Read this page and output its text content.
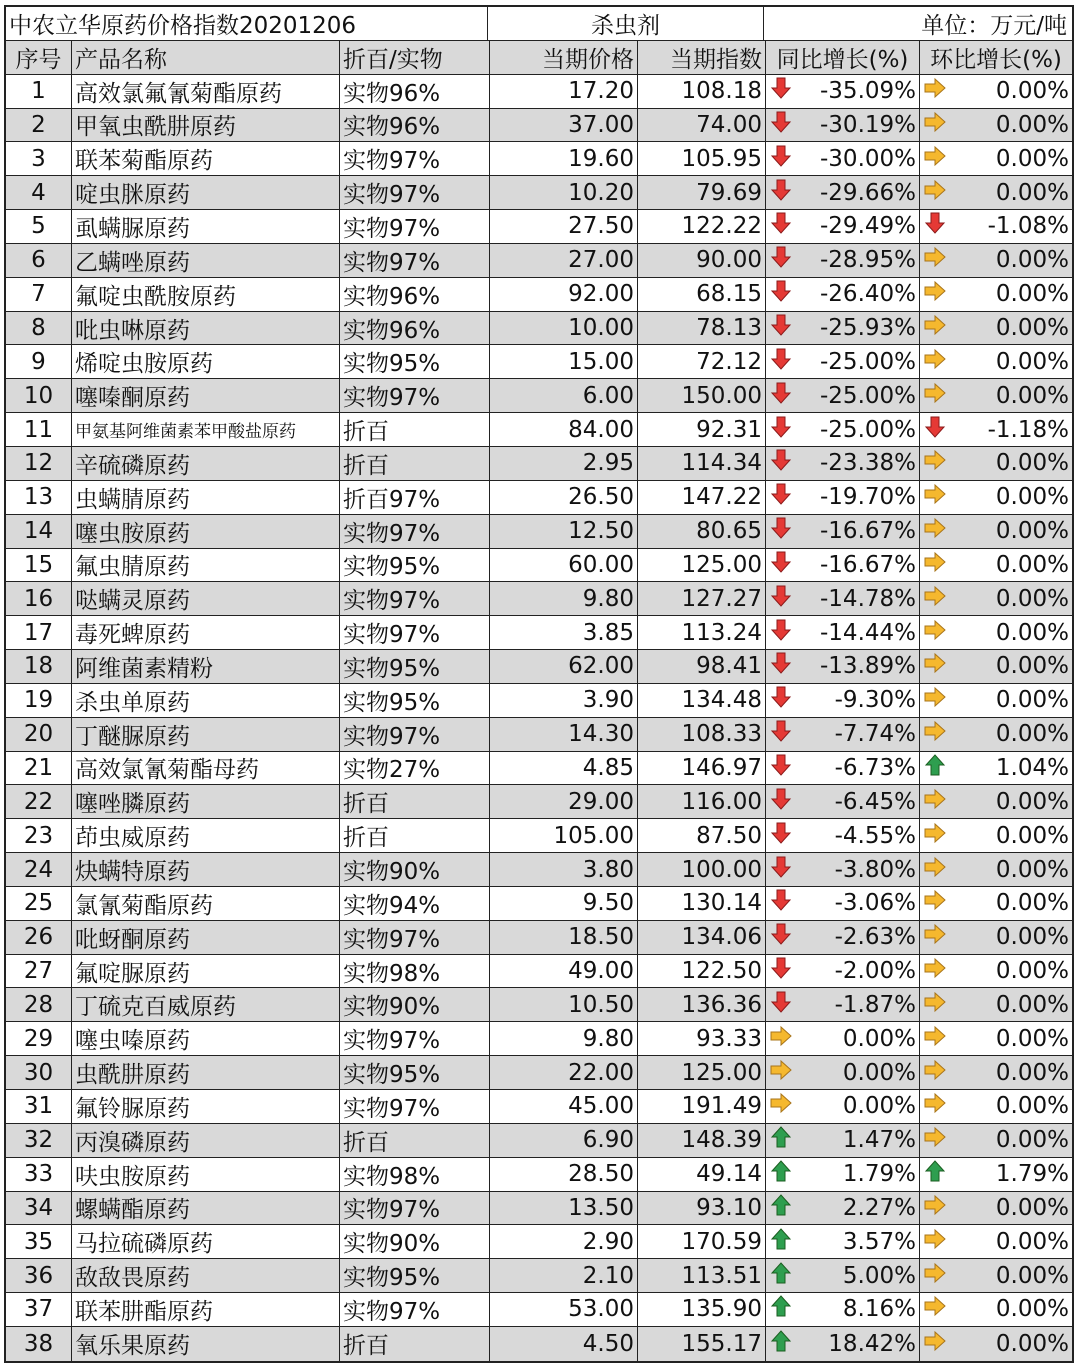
中农立华原药价格指数20201206	杀虫剂	单位：万元/吨
序号 产品名称	折百/实物	当期价格	当期指数 同比增长(%) 环比增长(%)
1	高效氯氟氰菊酯原药	实物96%	17.20	108.18	-35.09%	0.00%
2	甲氧虫酰肼原药	实物96%	37.00	74.00	-30.19%	0.00%
3	联苯菊酯原药	实物97%	19.60	105.95	-30.00%	0.00%
4	啶虫脒原药	实物97%	10.20	79.69	-29.66%	0.00%
5	虱螨脲原药	实物97%	27.50	122.22	-29.49%	-1.08%
6	乙螨唑原药	实物97%	27.00	90.00	-28.95%	0.00%
7	氟啶虫酰胺原药	实物96%	92.00	68.15	-26.40%	0.00%
8	吡虫啉原药	实物96%	10.00	78.13	-25.93%	0.00%
9	烯啶虫胺原药	实物95%	15.00	72.12	-25.00%	0.00%
10 噻嗪酮原药	实物97%	6.00	150.00	-25.00%	0.00%
11	甲氨基阿维菌素苯甲酸盐原药	折百	84.00	92.31	-25.00%	-1.18%
12 辛硫磷原药	折百	2.95	114.34	-23.38%	0.00%
13 虫螨腈原药	折百97%	26.50	147.22	-19.70%	0.00%
14 噻虫胺原药	实物97%	12.50	80.65	-16.67%	0.00%
15 氟虫腈原药	实物95%	60.00	125.00	-16.67%	0.00%
16 哒螨灵原药	实物97%	9.80	127.27	-14.78%	0.00%
17 毒死蜱原药	实物97%	3.85	113.24	-14.44%	0.00%
18 阿维菌素精粉	实物95%	62.00	98.41	-13.89%	0.00%
19 杀虫单原药	实物95%	3.90	134.48	-9.30%	0.00%
20 丁醚脲原药	实物97%	14.30	108.33	-7.74%	0.00%
21 高效氯氰菊酯母药	实物27%	4.85	146.97	-6.73%	1.04%
22 噻唑膦原药	折百	29.00	116.00	-6.45%	0.00%
23 茚虫威原药	折百	105.00	87.50	-4.55%	0.00%
24 炔螨特原药	实物90%	3.80	100.00	-3.80%	0.00%
25 氯氰菊酯原药	实物94%	9.50	130.14	-3.06%	0.00%
26 吡蚜酮原药	实物97%	18.50	134.06	-2.63%	0.00%
27 氟啶脲原药	实物98%	49.00	122.50	-2.00%	0.00%
28 丁硫克百威原药	实物90%	10.50	136.36	-1.87%	0.00%
29 噻虫嗪原药	实物97%	9.80	93.33	0.00%	0.00%
30 虫酰肼原药	实物95%	22.00	125.00	0.00%	0.00%
31 氟铃脲原药	实物97%	45.00	191.49	0.00%	0.00%
32 丙溴磷原药	折百	6.90	148.39	1.47%	0.00%
33 呋虫胺原药	实物98%	28.50	49.14	1.79%	1.79%
34 螺螨酯原药	实物97%	13.50	93.10	2.27%	0.00%
35 马拉硫磷原药	实物90%	2.90	170.59	3.57%	0.00%
36 敌敌畏原药	实物95%	2.10	113.51	5.00%	0.00%
37 联苯肼酯原药	实物97%	53.00	135.90	8.16%	0.00%
38 氧乐果原药	折百	4.50	155.17	18.42%	0.00%
